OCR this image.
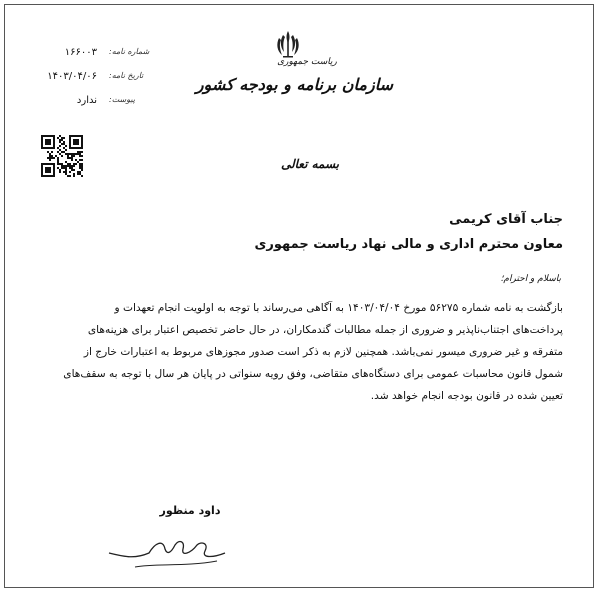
ریاست جمهوری
سازمان برنامه و بودجه کشور
۱۶۶۰۰۳ شماره نامه:
۱۴۰۳/۰۴/۰۶ تاریخ نامه:
ندارد پیوست:
بسمه تعالی
جناب آقای کریمی
معاون محترم اداری و مالی نهاد ریاست جمهوری
باسلام و احترام؛
بازگشت به نامه شماره ۵۶۲۷۵ مورخ ۱۴۰۳/۰۴/۰۴ به آگاهی می‌رساند با توجه به اولویت انجام تعهدات و
پرداخت‌های اجتناب‌ناپذیر و ضروری از جمله مطالبات گندمکاران، در حال حاضر تخصیص اعتبار برای هزینه‌های
متفرقه و غیر ضروری میسور نمی‌باشد. همچنین لازم به ذکر است صدور مجوزهای مربوط به اعتبارات خارج از
شمول قانون محاسبات عمومی برای دستگاه‌های متقاضی، وفق رویه سنواتی در پایان هر سال با توجه به سقف‌های
تعیین شده در قانون بودجه انجام خواهد شد.
داود منظور
